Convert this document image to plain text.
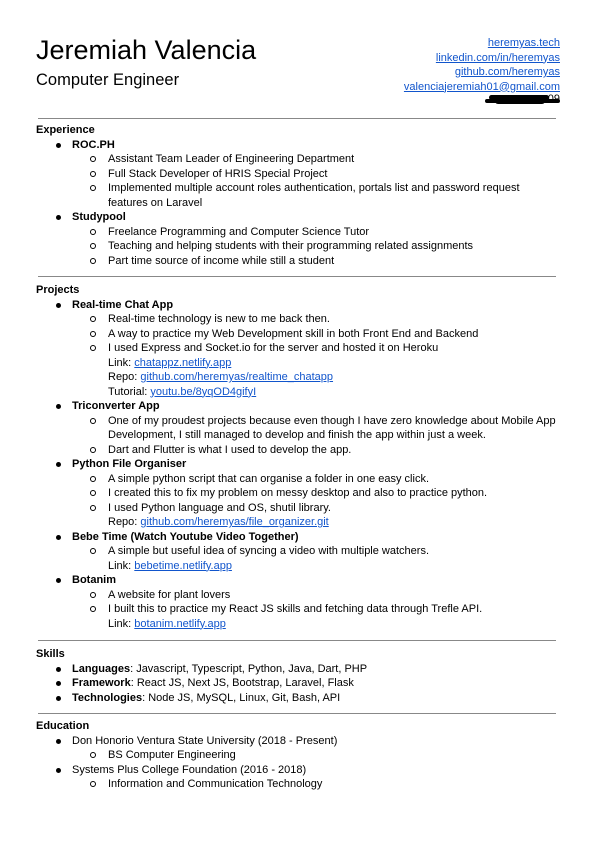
Jeremiah Valencia
Computer Engineer
heremyas.tech
linkedin.com/in/heremyas
github.com/heremyas
valenciajeremiah01@gmail.com
Experience
ROC.PH
Assistant Team Leader of Engineering Department
Full Stack Developer of HRIS Special Project
Implemented multiple account roles authentication, portals list and password request
features on Laravel
Studypool
Freelance Programming and Computer Science Tutor
Teaching and helping students with their programming related assignments
Part time source of income while still a student
Projects
Real-time Chat App
Real-time technology is new to me back then.
A way to practice my Web Development skill in both Front End and Backend
I used Express and Socket.io for the server and hosted it on Heroku
Link: chatappz.netlify.app
Repo: github.com/heremyas/realtime_chatapp
Tutorial: youtu.be/8yqOD4gifyI
Triconverter App
One of my proudest projects because even though I have zero knowledge about Mobile App
Development, I still managed to develop and finish the app within just a week.
Dart and Flutter is what I used to develop the app.
Python File Organiser
A simple python script that can organise a folder in one easy click.
I created this to fix my problem on messy desktop and also to practice python.
I used Python language and OS, shutil library.
Repo: github.com/heremyas/file_organizer.git
Bebe Time (Watch Youtube Video Together)
A simple but useful idea of syncing a video with multiple watchers.
Link: bebetime.netlify.app
Botanim
A website for plant lovers
I built this to practice my React JS skills and fetching data through Trefle API.
Link: botanim.netlify.app
Skills
Languages: Javascript, Typescript, Python, Java, Dart, PHP
Framework: React JS, Next JS, Bootstrap, Laravel, Flask
Technologies: Node JS, MySQL, Linux, Git, Bash, API
Education
Don Honorio Ventura State University (2018 - Present)
BS Computer Engineering
Systems Plus College Foundation (2016 - 2018)
Information and Communication Technology
